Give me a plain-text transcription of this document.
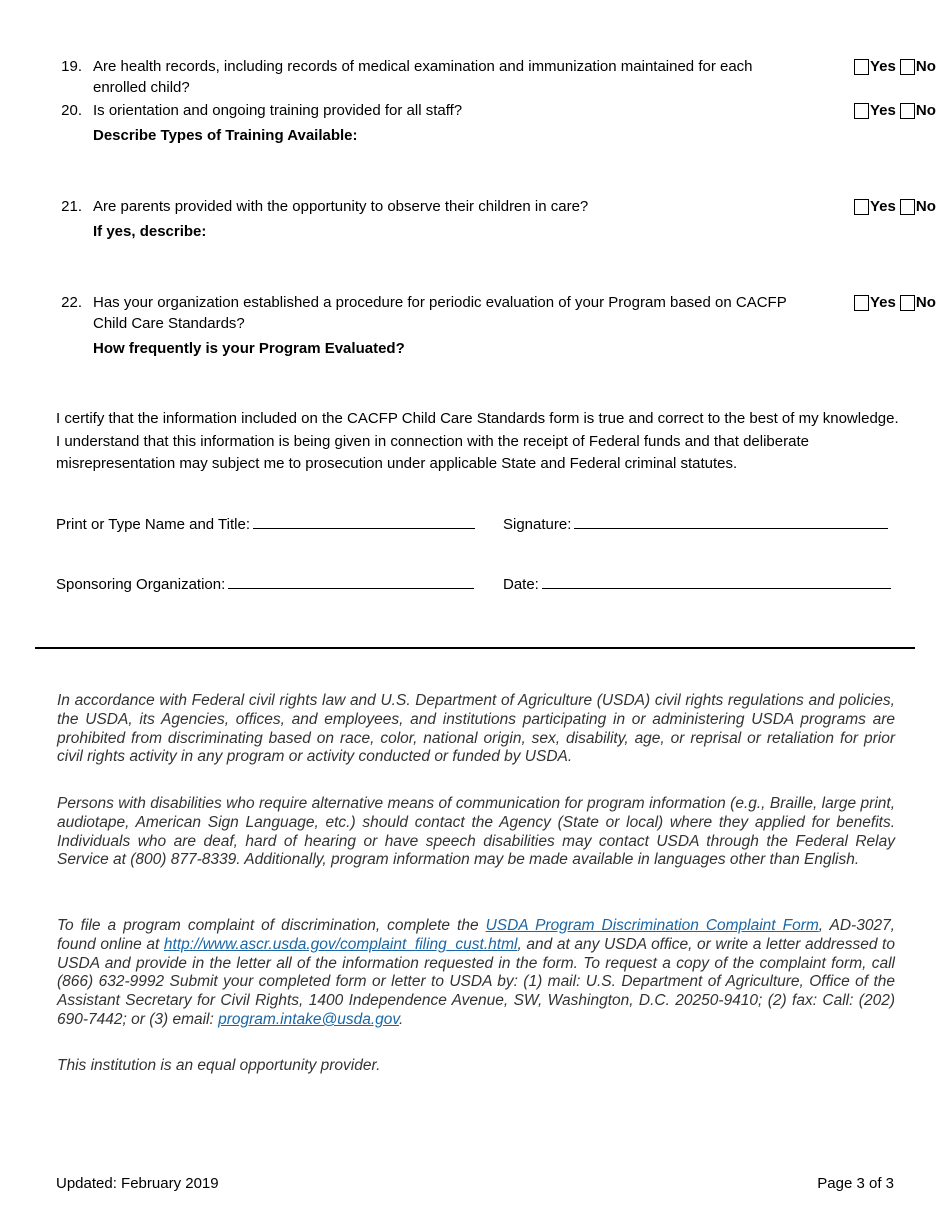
19. Are health records, including records of medical examination and immunization maintained for each enrolled child?
Yes No
20. Is orientation and ongoing training provided for all staff?
Describe Types of Training Available:
Yes No
21. Are parents provided with the opportunity to observe their children in care?
If yes, describe:
Yes No
22. Has your organization established a procedure for periodic evaluation of your Program based on CACFP Child Care Standards?
How frequently is your Program Evaluated?
Yes No
I certify that the information included on the CACFP Child Care Standards form is true and correct to the best of my knowledge. I understand that this information is being given in connection with the receipt of Federal funds and that deliberate misrepresentation may subject me to prosecution under applicable State and Federal criminal statutes.
Print or Type Name and Title:	Signature:
Sponsoring Organization:	Date:
In accordance with Federal civil rights law and U.S. Department of Agriculture (USDA) civil rights regulations and policies, the USDA, its Agencies, offices, and employees, and institutions participating in or administering USDA programs are prohibited from discriminating based on race, color, national origin, sex, disability, age, or reprisal or retaliation for prior civil rights activity in any program or activity conducted or funded by USDA.
Persons with disabilities who require alternative means of communication for program information (e.g., Braille, large print, audiotape, American Sign Language, etc.) should contact the Agency (State or local) where they applied for benefits. Individuals who are deaf, hard of hearing or have speech disabilities may contact USDA through the Federal Relay Service at (800) 877-8339. Additionally, program information may be made available in languages other than English.
To file a program complaint of discrimination, complete the USDA Program Discrimination Complaint Form, AD-3027, found online at http://www.ascr.usda.gov/complaint_filing_cust.html, and at any USDA office, or write a letter addressed to USDA and provide in the letter all of the information requested in the form. To request a copy of the complaint form, call (866) 632-9992 Submit your completed form or letter to USDA by: (1) mail: U.S. Department of Agriculture, Office of the Assistant Secretary for Civil Rights, 1400 Independence Avenue, SW, Washington, D.C. 20250-9410; (2) fax: Call: (202) 690-7442; or (3) email: program.intake@usda.gov.
This institution is an equal opportunity provider.
Updated: February 2019	Page 3 of 3
